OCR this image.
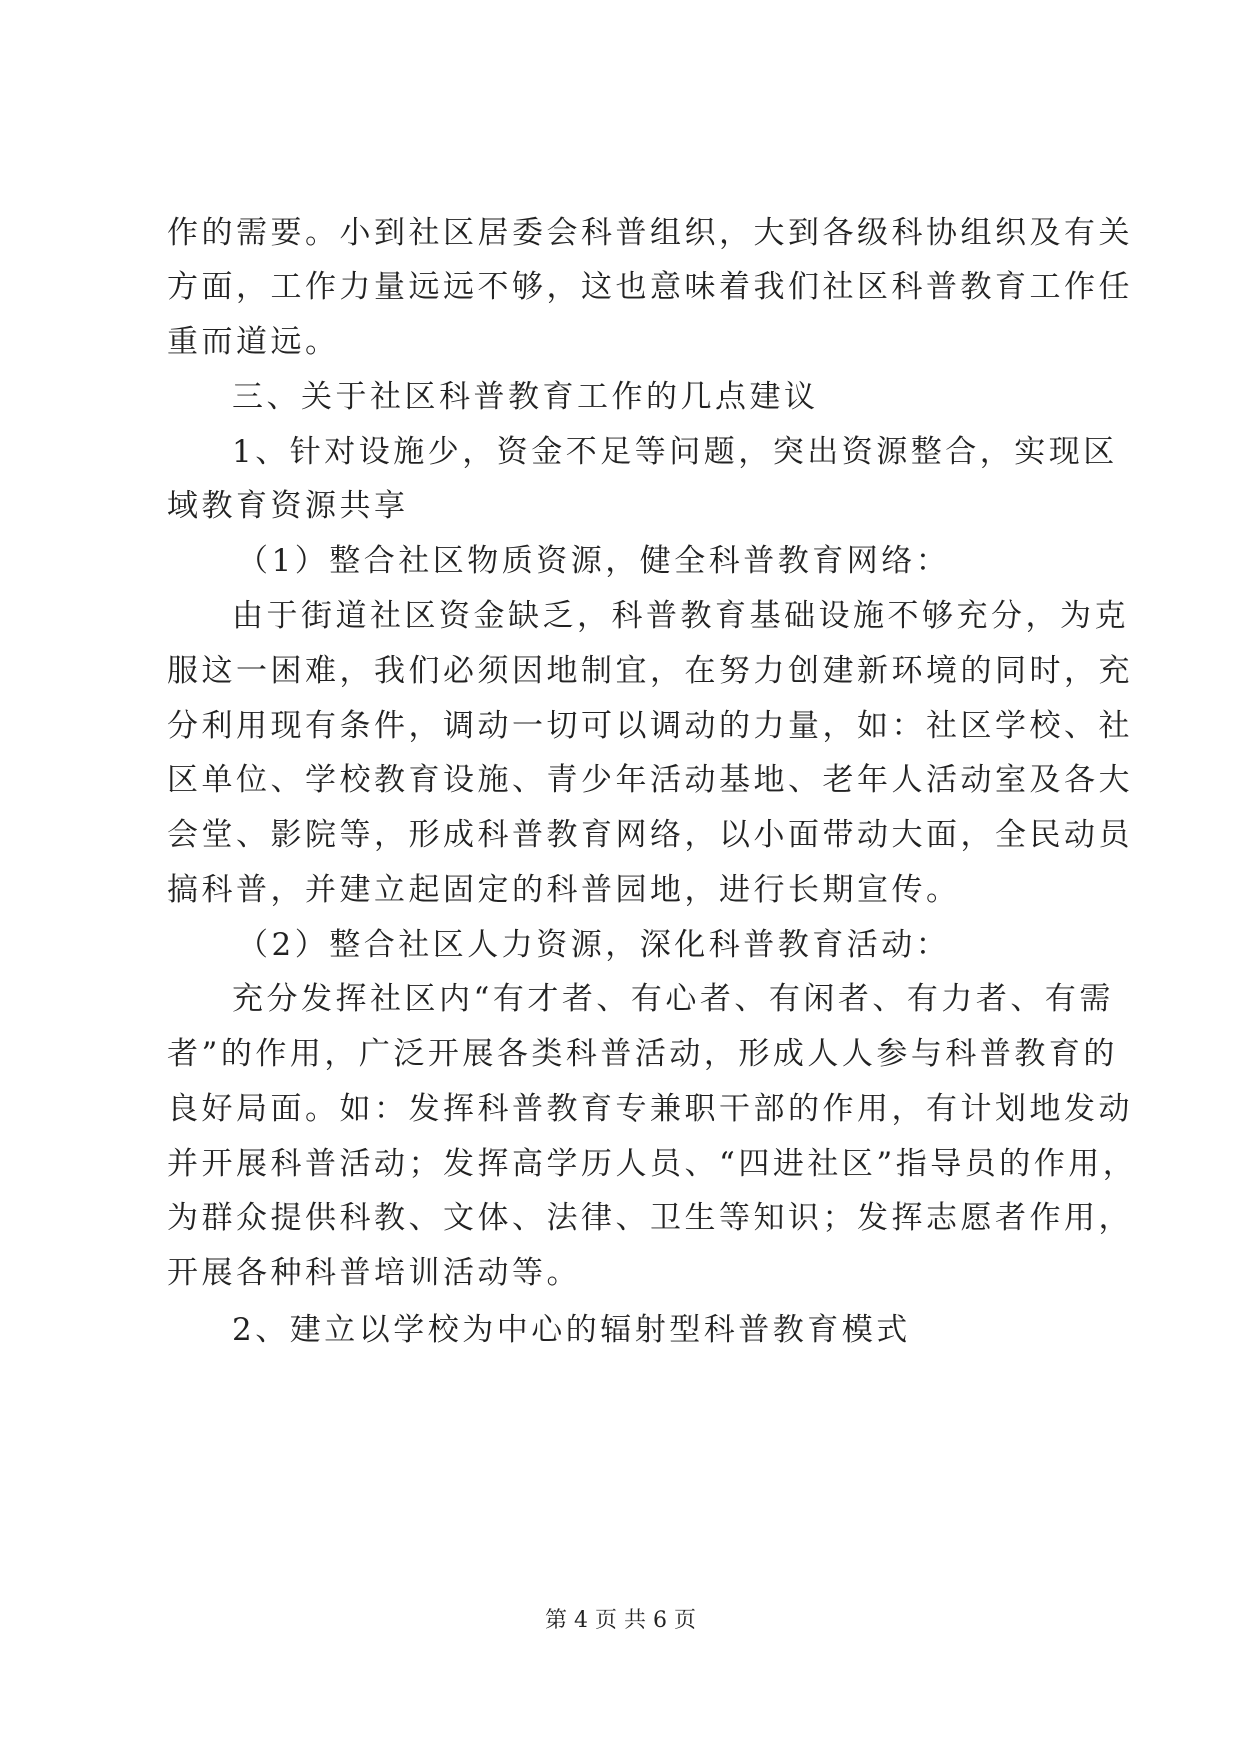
作的需要。小到社区居委会科普组织，大到各级科协组织及有关
方面，工作力量远远不够，这也意味着我们社区科普教育工作任
重而道远。
三、关于社区科普教育工作的几点建议
1、针对设施少，资金不足等问题，突出资源整合，实现区
域教育资源共享
（1）整合社区物质资源，健全科普教育网络：
由于街道社区资金缺乏，科普教育基础设施不够充分，为克
服这一困难，我们必须因地制宜，在努力创建新环境的同时，充
分利用现有条件，调动一切可以调动的力量，如：社区学校、社
区单位、学校教育设施、青少年活动基地、老年人活动室及各大
会堂、影院等，形成科普教育网络，以小面带动大面，全民动员
搞科普，并建立起固定的科普园地，进行长期宣传。
（2）整合社区人力资源，深化科普教育活动：
充分发挥社区内“有才者、有心者、有闲者、有力者、有需
者”的作用，广泛开展各类科普活动，形成人人参与科普教育的
良好局面。如：发挥科普教育专兼职干部的作用，有计划地发动
并开展科普活动；发挥高学历人员、“四进社区”指导员的作用，
为群众提供科教、文体、法律、卫生等知识；发挥志愿者作用，
开展各种科普培训活动等。
2、建立以学校为中心的辐射型科普教育模式
第 4 页 共 6 页
